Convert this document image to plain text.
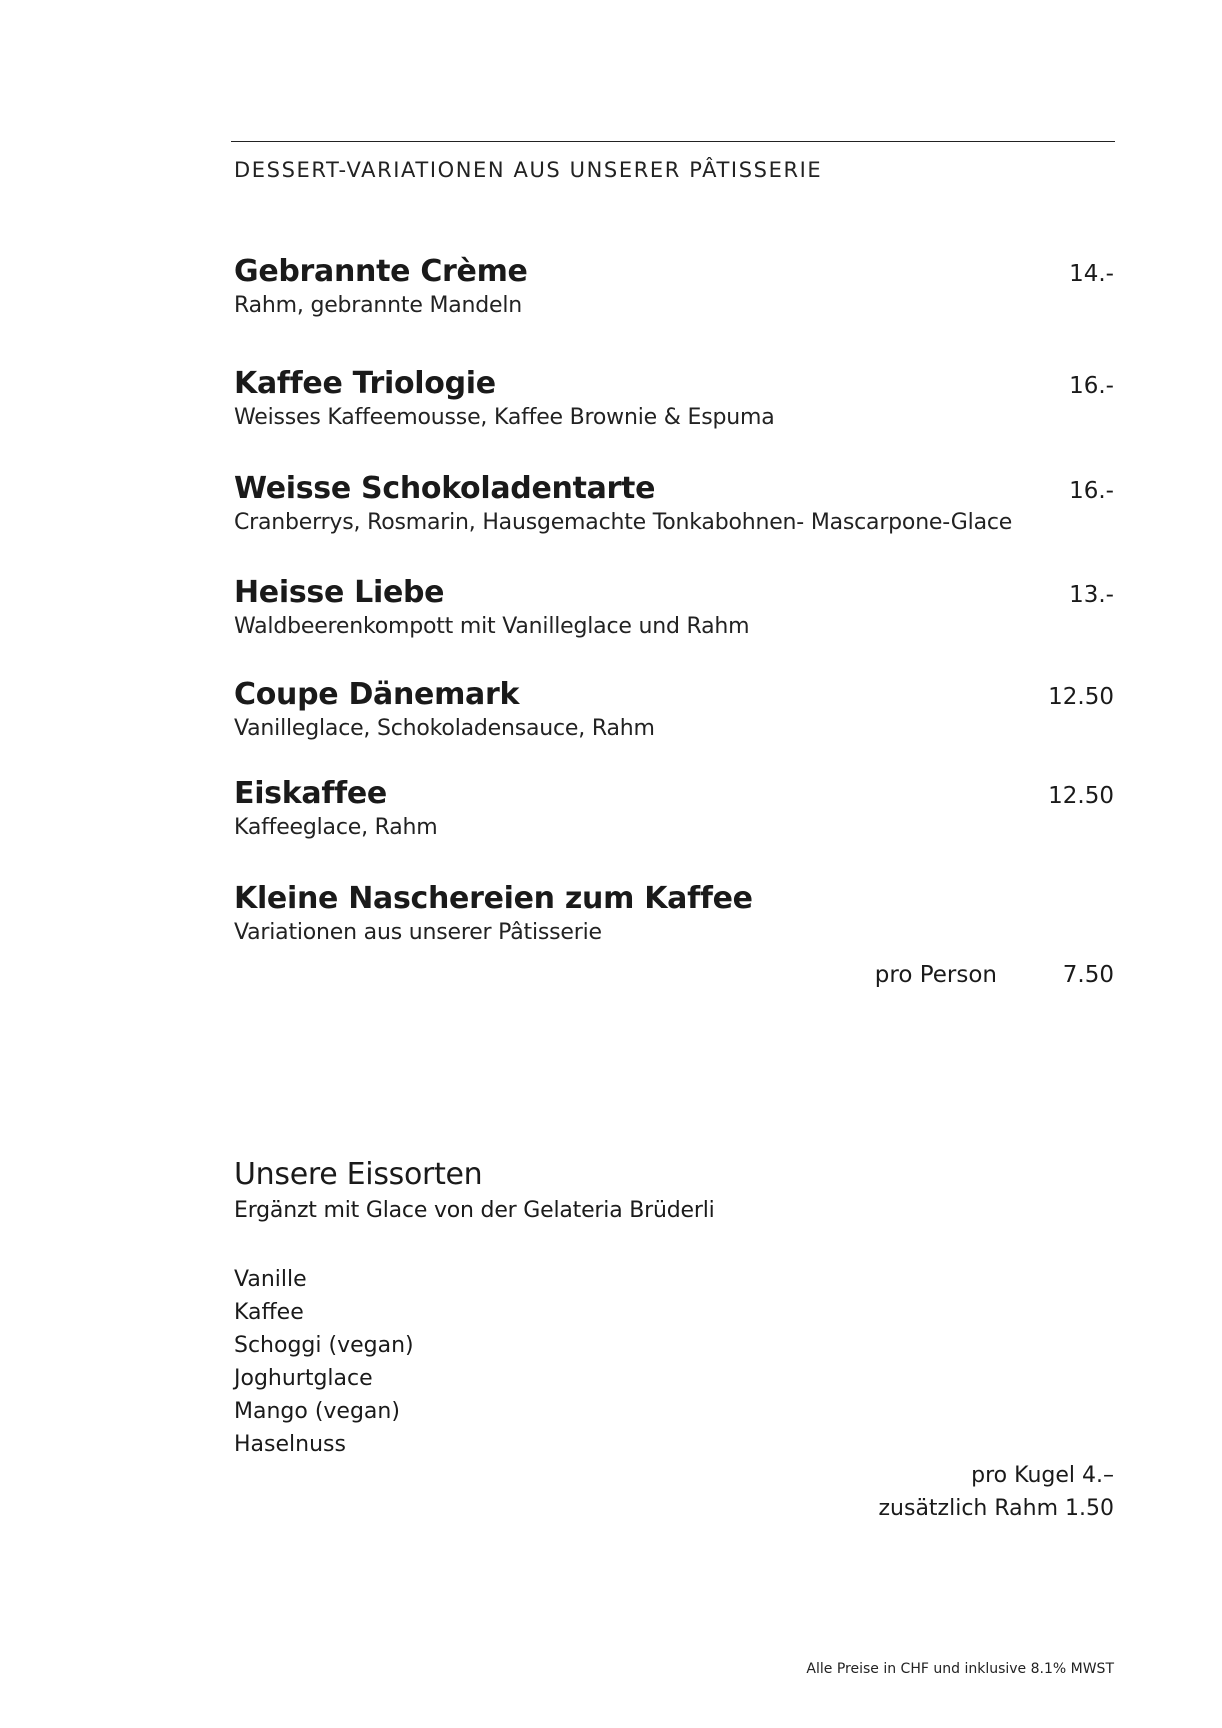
DESSERT-VARIATIONEN AUS UNSERER PÂTISSERIE
Gebrannte Crème
Rahm, gebrannte Mandeln
14.-
Kaffee Triologie
Weisses Kaffeemousse, Kaffee Brownie & Espuma
16.-
Weisse Schokoladentarte
Cranberrys, Rosmarin, Hausgemachte Tonkabohnen- Mascarpone-Glace
16.-
Heisse Liebe
Waldbeerenkompott mit Vanilleglace und Rahm
13.-
Coupe Dänemark
Vanilleglace, Schokoladensauce, Rahm
12.50
Eiskaffee
Kaffeeglace, Rahm
12.50
Kleine Naschereien zum Kaffee
Variationen aus unserer Pâtisserie
pro Person	7.50
Unsere Eissorten
Ergänzt mit Glace von der Gelateria Brüderli
Vanille
Kaffee
Schoggi (vegan)
Joghurtglace
Mango (vegan)
Haselnuss
pro Kugel 4.–
zusätzlich Rahm 1.50
Alle Preise in CHF und inklusive 8.1% MWST
